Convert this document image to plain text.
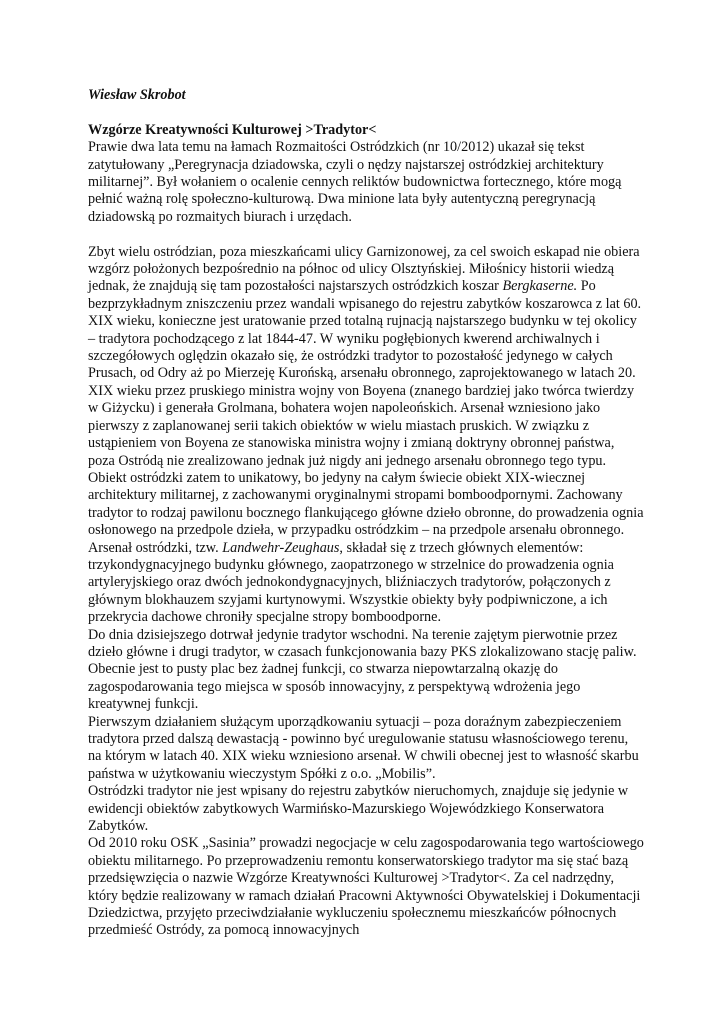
Wiesław Skrobot

Wzgórze Kreatywności Kulturowej >Tradytor<

Prawie dwa lata temu na łamach Rozmaitości Ostródzkich (nr 10/2012) ukazał się tekst zatytułowany „Peregrynacja dziadowska, czyli o nędzy najstarszej ostródzkiej architektury militarnej”. Był wołaniem o ocalenie cennych reliktów budownictwa fortecznego, które mogą pełnić ważną rolę społeczno-kulturową. Dwa minione lata były autentyczną peregrynacją dziadowską po rozmaitych biurach i urzędach.

Zbyt wielu ostródzian, poza mieszkańcami ulicy Garnizonowej, za cel swoich eskapad nie obiera wzgórz położonych bezpośrednio na północ od ulicy Olsztyńskiej. Miłośnicy historii wiedzą jednak, że znajdują się tam pozostałości najstarszych ostródzkich koszar Bergkaserne. Po bezprzykładnym zniszczeniu przez wandali wpisanego do rejestru zabytków koszarowca z lat 60. XIX wieku, konieczne jest uratowanie przed totalną rujnacją najstarszego budynku w tej okolicy – tradytora pochodzącego z lat 1844-47. W wyniku pogłębionych kwerend archiwalnych i szczegółowych oględzin okazało się, że ostródzki tradytor to pozostałość jedynego w całych Prusach, od Odry aż po Mierzeję Kurońską, arsenału obronnego, zaprojektowanego w latach 20. XIX wieku przez pruskiego ministra wojny von Boyena (znanego bardziej jako twórca twierdzy w Giżycku) i generała Grolmana, bohatera wojen napoleońskich. Arsenał wzniesiono jako pierwszy z zaplanowanej serii takich obiektów w wielu miastach pruskich. W związku z ustąpieniem von Boyena ze stanowiska ministra wojny i zmianą doktryny obronnej państwa, poza Ostródą nie zrealizowano jednak już nigdy ani jednego arsenału obronnego tego typu. Obiekt ostródzki zatem to unikatowy, bo jedyny na całym świecie obiekt XIX-wiecznej architektury militarnej, z zachowanymi oryginalnymi stropami bomboodpornymi. Zachowany tradytor to rodzaj pawilonu bocznego flankującego główne dzieło obronne, do prowadzenia ognia osłonowego na przedpole dzieła, w przypadku ostródzkim – na przedpole arsenału obronnego.

Arsenał ostródzki, tzw. Landwehr-Zeughaus, składał się z trzech głównych elementów: trzykondygnacyjnego budynku głównego, zaopatrzonego w strzelnice do prowadzenia ognia artyleryjskiego oraz dwóch jednokondygnacyjnych, bliźniaczych tradytorów, połączonych z głównym blokhauzem szyjami kurtynowymi. Wszystkie obiekty były podpiwniczone, a ich przekrycia dachowe chroniły specjalne stropy bomboodporne.

Do dnia dzisiejszego dotrwał jedynie tradytor wschodni. Na terenie zajętym pierwotnie przez dzieło główne i drugi tradytor, w czasach funkcjonowania bazy PKS zlokalizowano stację paliw. Obecnie jest to pusty plac bez żadnej funkcji, co stwarza niepowtarzalną okazję do zagospodarowania tego miejsca w sposób innowacyjny, z perspektywą wdrożenia jego kreatywnej funkcji.

Pierwszym działaniem służącym uporządkowaniu sytuacji – poza doraźnym zabezpieczeniem tradytora przed dalszą dewastacją - powinno być uregulowanie statusu własnościowego terenu, na którym w latach 40. XIX wieku wzniesiono arsenał. W chwili obecnej jest to własność skarbu państwa w użytkowaniu wieczystym Spółki z o.o. „Mobilis”.

Ostródzki tradytor nie jest wpisany do rejestru zabytków nieruchomych, znajduje się jedynie w ewidencji obiektów zabytkowych Warmińsko-Mazurskiego Wojewódzkiego Konserwatora Zabytków.

Od 2010 roku OSK „Sasinia” prowadzi negocjacje w celu zagospodarowania tego wartościowego obiektu militarnego. Po przeprowadzeniu remontu konserwatorskiego tradytor ma się stać bazą przedsięwzięcia o nazwie Wzgórze Kreatywności Kulturowej >Tradytor<. Za cel nadrzędny, który będzie realizowany w ramach działań Pracowni Aktywności Obywatelskiej i Dokumentacji Dziedzictwa, przyjęto przeciwdziałanie wykluczeniu społecznemu mieszkańców północnych przedmieść Ostródy, za pomocą innowacyjnych
